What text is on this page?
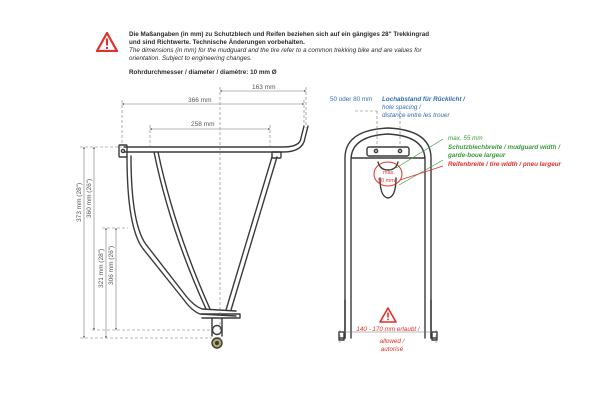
Die Maßangaben (in mm) zu Schutzblech und Reifen beziehen sich auf ein gängiges 28" Trekkingrad
und sind Richtwerte. Technische Änderungen vorbehalten.
The dimensions (in mm) for the mudguard and the tire refer to a common trekking bike and are values for
orientation. Subject to engineering changes.
Rohrdurchmesser / diameter / diamètre: 10 mm Ø
163 mm
366 mm
258 mm
373 mm (28") 360 mm (26")
321 mm (28") 306 mm (26")
50 oder 80 mm Lochabstand für Rücklicht /
hole spacing /
distance entre les trouer
max. 55 mm
Schutzblechbreite / mudguard width /
garde-boue largeur
Reifenbreite / tire width / pneu largeur
max.
50 mm
140 - 170 mm erlaubt /
allowed /
autorisé
